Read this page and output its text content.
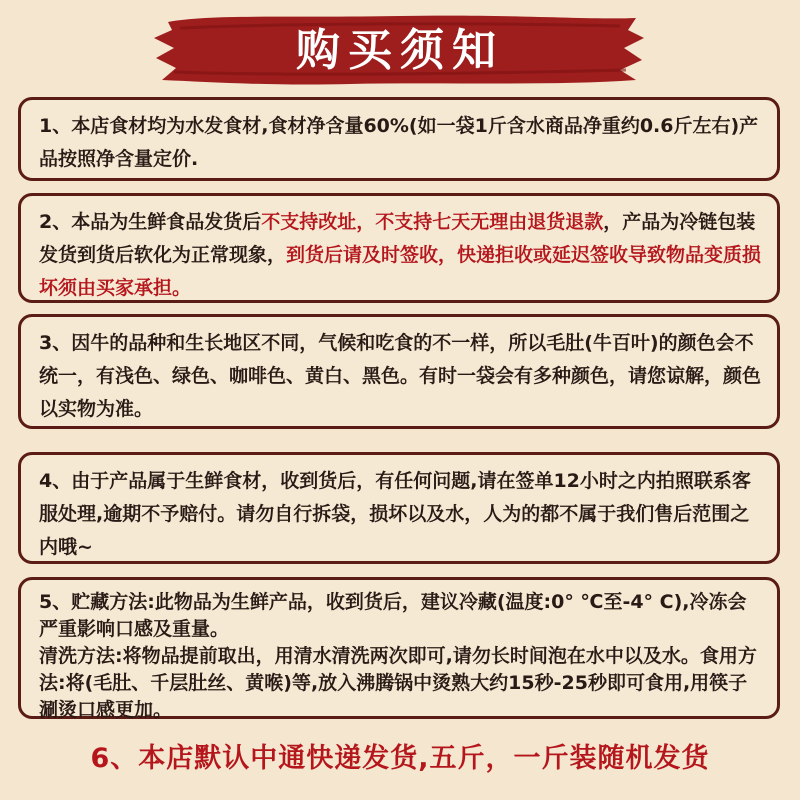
购买须知

1、本店食材均为水发食材,食材净含量60%(如一袋1斤含水商品净重约0.6斤左右)产品按照净含量定价.

2、本品为生鲜食品发货后不支持改址，不支持七天无理由退货退款，产品为冷链包装发货到货后软化为正常现象，到货后请及时签收，快递拒收或延迟签收导致物品变质损坏须由买家承担。

3、因牛的品种和生长地区不同，气候和吃食的不一样，所以毛肚(牛百叶)的颜色会不统一，有浅色、绿色、咖啡色、黄白、黑色。有时一袋会有多种颜色，请您谅解，颜色以实物为准。

4、由于产品属于生鲜食材，收到货后，有任何问题,请在签单12小时之内拍照联系客服处理,逾期不予赔付。请勿自行拆袋，损坏以及水，人为的都不属于我们售后范围之内哦~

5、贮藏方法:此物品为生鲜产品，收到货后，建议冷藏(温度:0° ℃至-4° C),冷冻会严重影响口感及重量。

清洗方法:将物品提前取出，用清水清洗两次即可,请勿长时间泡在水中以及水。食用方法:将(毛肚、千层肚丝、黄喉)等,放入沸腾锅中烫熟大约15秒-25秒即可食用,用筷子涮烫口感更加。

6、本店默认中通快递发货,五斤，一斤装随机发货
